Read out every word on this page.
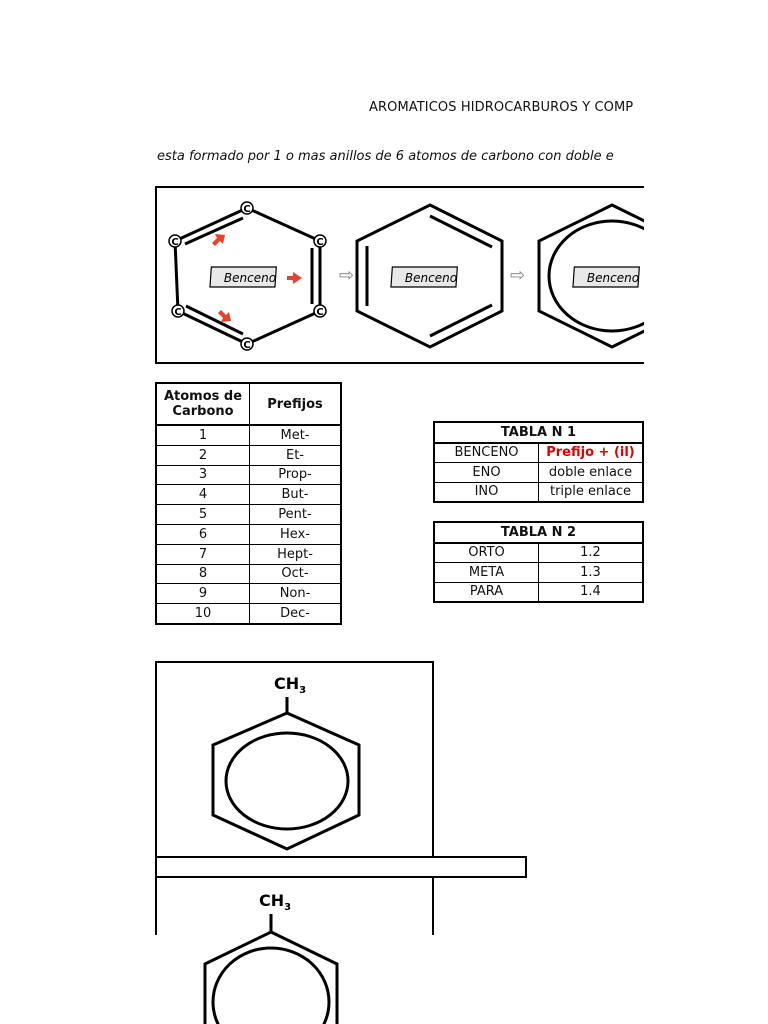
AROMATICOS HIDROCARBUROS Y COMP
esta formado por 1 o mas anillos de 6 atomos de carbono con doble e
C
C
C
C
C
C
Benceno	⇨	Benceno	⇨	Benceno
Atomos de
Carbono	Prefijos
1	Met-
2	Et-
3	Prop-
4	But-
5	Pent-
6	Hex-
7	Hept-
8	Oct-
9	Non-
10	Dec-
TABLA N 1	
BENCENO	Prefijo + (il)
ENO	doble enlace
INO	triple enlace
TABLA N 2	
ORTO	1.2
META	1.3
PARA	1.4
$CH_3$
$CH_3$
